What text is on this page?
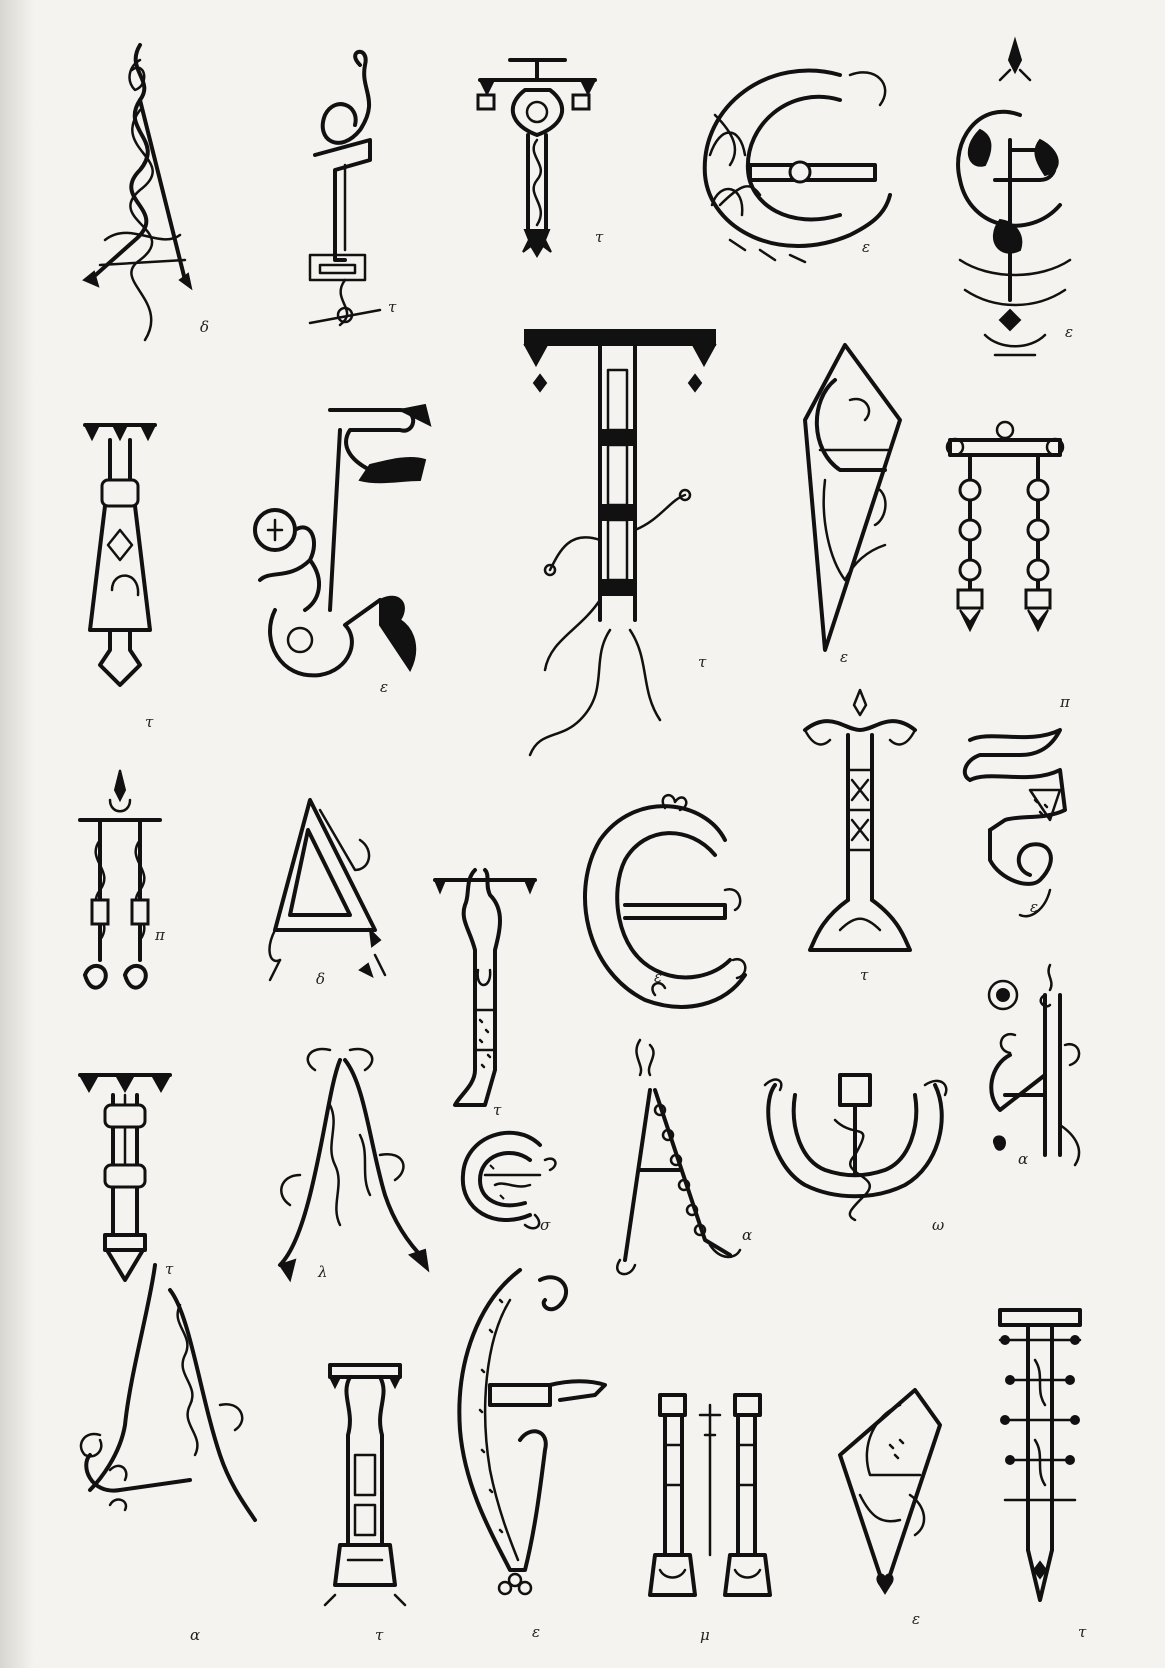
δ
τ
τ
ε
ε
τ
ε
τ	ε
π
π
δ
τ
ε	τ
ε
τ	λ
σ
α
ω
α
α	τ	ε	μ
ε
τ
